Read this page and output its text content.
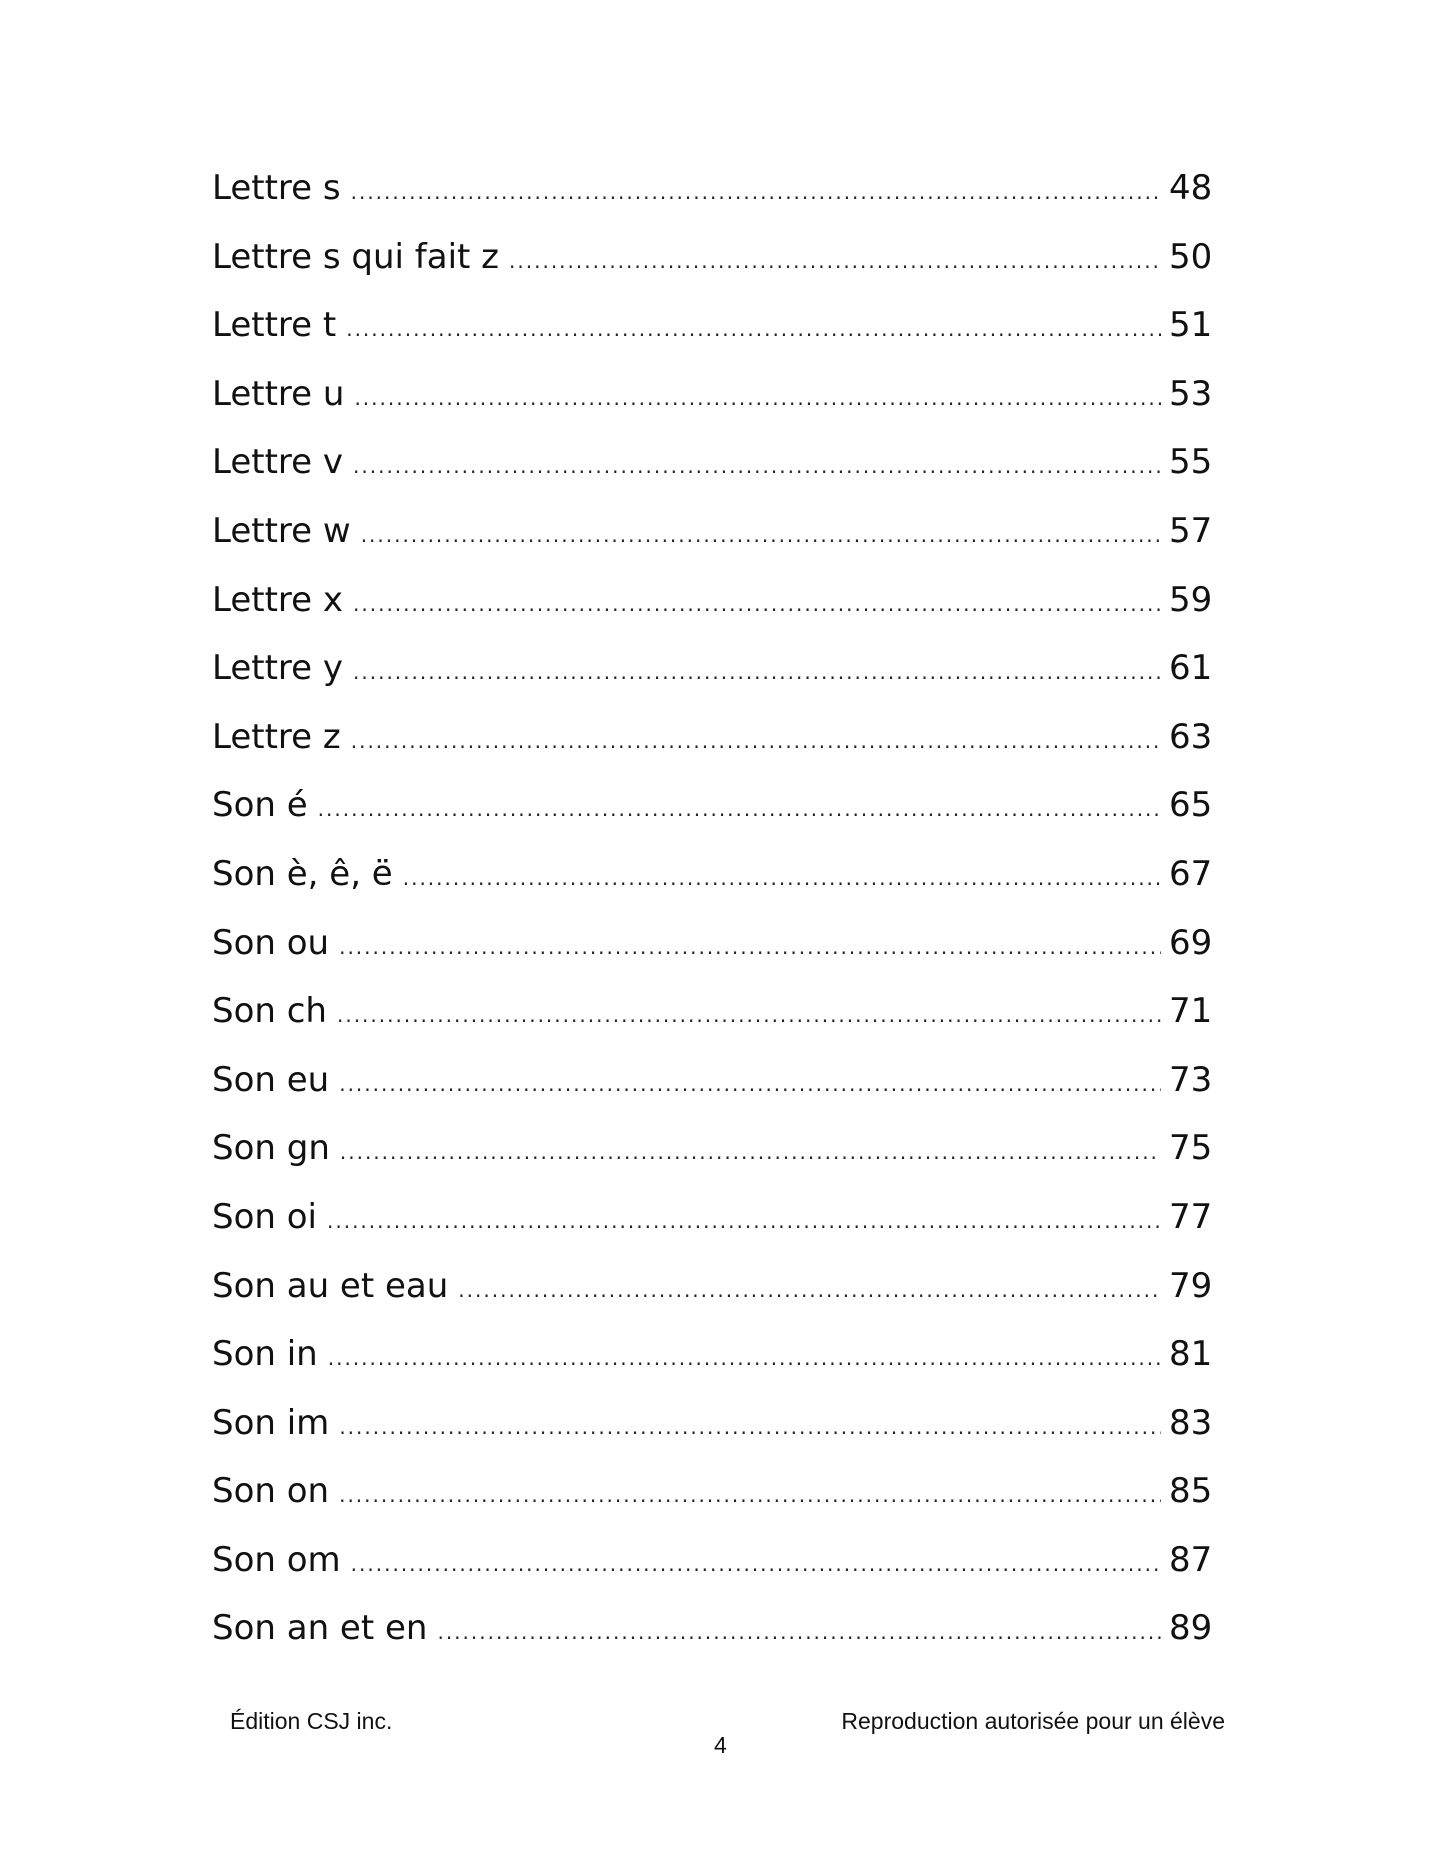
Lettre s .....	48
Lettre s qui fait z .....	50
Lettre t .....	51
Lettre u .....	53
Lettre v .....	55
Lettre w .....	57
Lettre x .....	59
Lettre y .....	61
Lettre z .....	63
Son é .....	65
Son è, ê, ë .....	67
Son ou .....	69
Son ch .....	71
Son eu .....	73
Son gn .....	75
Son oi .....	77
Son au et eau .....	79
Son in .....	81
Son im .....	83
Son on .....	85
Son om .....	87
Son an et en .....	89
Édition CSJ inc.
4
Reproduction autorisée pour un élève
